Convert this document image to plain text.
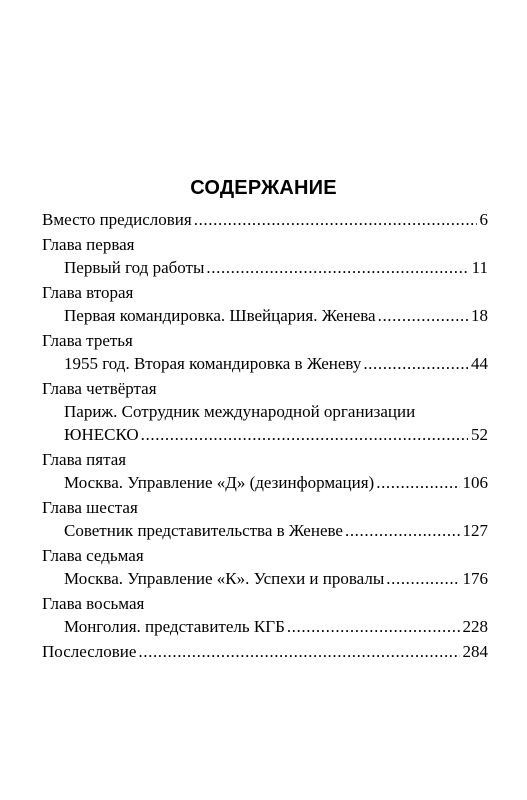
СОДЕРЖАНИЕ
Вместо предисловия .....	6
Глава первая
Первый год работы .....	11
Глава вторая
Первая командировка. Швейцария. Женева .....	18
Глава третья
1955 год. Вторая командировка в Женеву .....	44
Глава четвёртая
Париж. Сотрудник международной организации
ЮНЕСКО .....	52
Глава пятая
Москва. Управление «Д» (дезинформация) .....	106
Глава шестая
Советник представительства в Женеве .....	127
Глава седьмая
Москва. Управление «К». Успехи и провалы .....	176
Глава восьмая
Монголия. представитель КГБ .....	228
Послесловие .....	284
